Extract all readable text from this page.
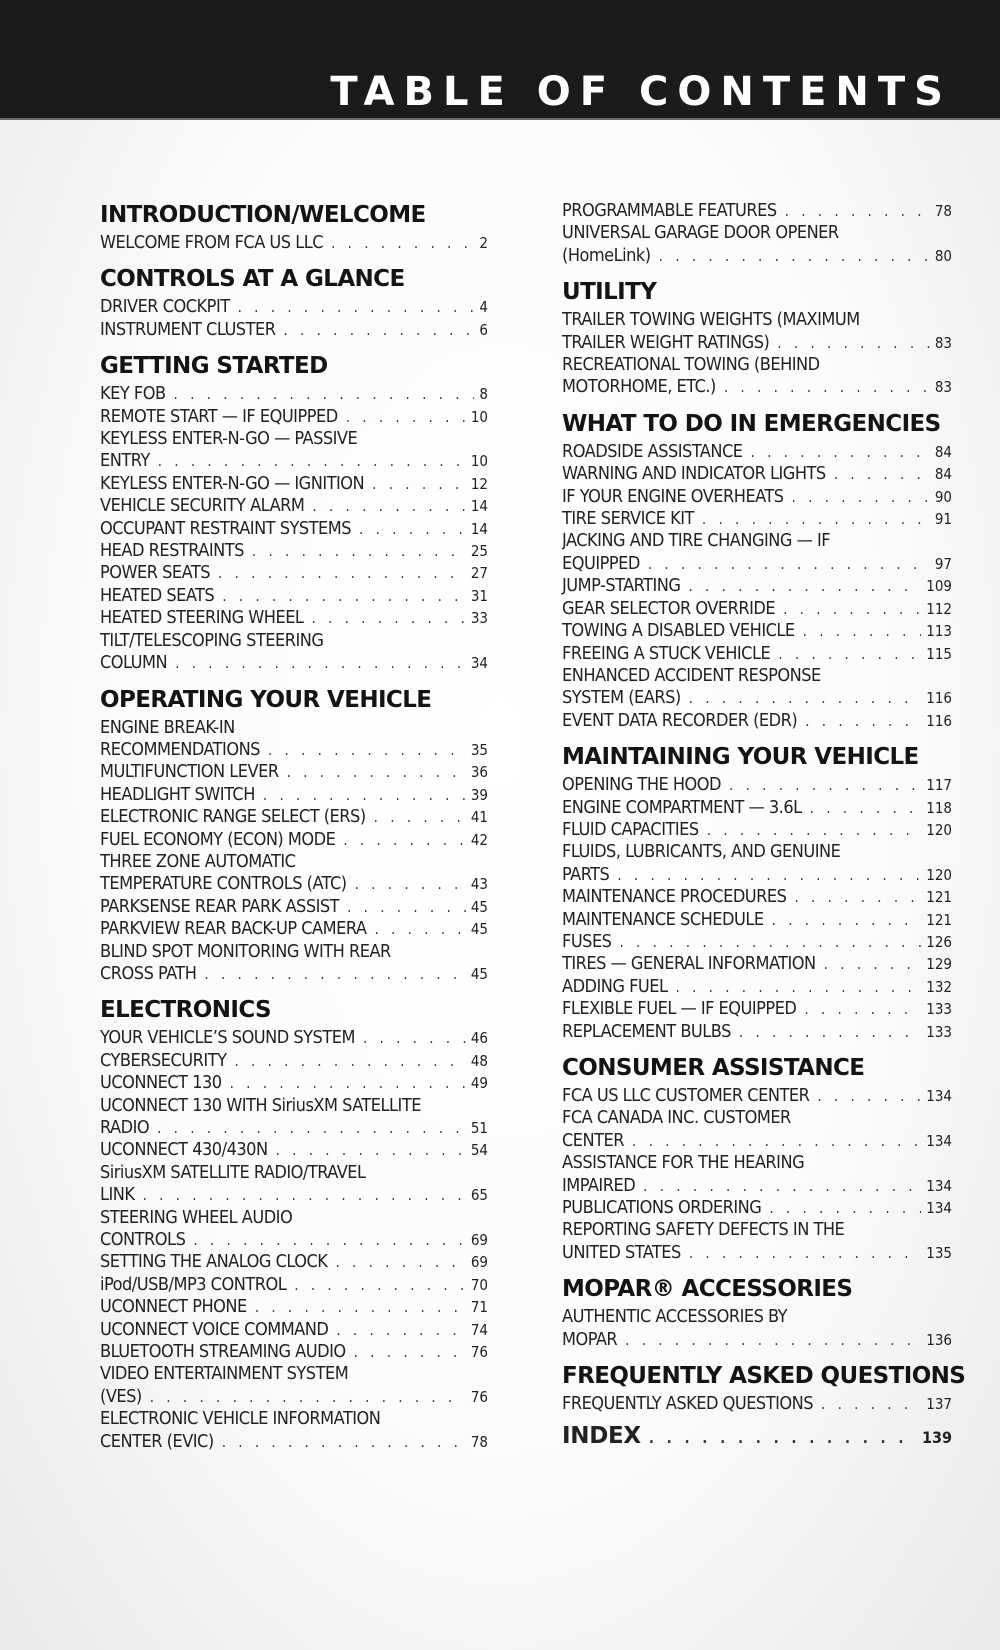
TABLE OF CONTENTS
INTRODUCTION/WELCOME
WELCOME FROM FCA US LLC . . .	2
CONTROLS AT A GLANCE
DRIVER COCKPIT . . .	4
INSTRUMENT CLUSTER . . .	6
GETTING STARTED
KEY FOB . . .	8
REMOTE START — IF EQUIPPED . . .	10
KEYLESS ENTER-N-GO — PASSIVE
ENTRY . . .	10
KEYLESS ENTER-N-GO — IGNITION . . .	12
VEHICLE SECURITY ALARM . . .	14
OCCUPANT RESTRAINT SYSTEMS . . .	14
HEAD RESTRAINTS . . .	25
POWER SEATS . . .	27
HEATED SEATS . . .	31
HEATED STEERING WHEEL . . .	33
TILT/TELESCOPING STEERING
COLUMN . . .	34
OPERATING YOUR VEHICLE
ENGINE BREAK-IN
RECOMMENDATIONS . . .	35
MULTIFUNCTION LEVER . . .	36
HEADLIGHT SWITCH . . .	39
ELECTRONIC RANGE SELECT (ERS) . . .	41
FUEL ECONOMY (ECON) MODE . . .	42
THREE ZONE AUTOMATIC
TEMPERATURE CONTROLS (ATC) . . .	43
PARKSENSE REAR PARK ASSIST . . .	45
PARKVIEW REAR BACK-UP CAMERA . . .	45
BLIND SPOT MONITORING WITH REAR
CROSS PATH . . .	45
ELECTRONICS
YOUR VEHICLE’S SOUND SYSTEM . . .	46
CYBERSECURITY . . .	48
UCONNECT 130 . . .	49
UCONNECT 130 WITH SiriusXM SATELLITE
RADIO . . .	51
UCONNECT 430/430N . . .	54
SiriusXM SATELLITE RADIO/TRAVEL
LINK . . .	65
STEERING WHEEL AUDIO
CONTROLS . . .	69
SETTING THE ANALOG CLOCK . . .	69
iPod/USB/MP3 CONTROL . . .	70
UCONNECT PHONE . . .	71
UCONNECT VOICE COMMAND . . .	74
BLUETOOTH STREAMING AUDIO . . .	76
VIDEO ENTERTAINMENT SYSTEM
(VES) . . .	76
ELECTRONIC VEHICLE INFORMATION
CENTER (EVIC) . . .	78
PROGRAMMABLE FEATURES . . .	78
UNIVERSAL GARAGE DOOR OPENER
(HomeLink) . . .	80
UTILITY
TRAILER TOWING WEIGHTS (MAXIMUM
TRAILER WEIGHT RATINGS) . . .	83
RECREATIONAL TOWING (BEHIND
MOTORHOME, ETC.) . . .	83
WHAT TO DO IN EMERGENCIES
ROADSIDE ASSISTANCE . . .	84
WARNING AND INDICATOR LIGHTS . . .	84
IF YOUR ENGINE OVERHEATS . . .	90
TIRE SERVICE KIT . . .	91
JACKING AND TIRE CHANGING — IF
EQUIPPED . . .	97
JUMP-STARTING . . .	109
GEAR SELECTOR OVERRIDE . . .	112
TOWING A DISABLED VEHICLE . . .	113
FREEING A STUCK VEHICLE . . .	115
ENHANCED ACCIDENT RESPONSE
SYSTEM (EARS) . . .	116
EVENT DATA RECORDER (EDR) . . .	116
MAINTAINING YOUR VEHICLE
OPENING THE HOOD . . .	117
ENGINE COMPARTMENT — 3.6L . . .	118
FLUID CAPACITIES . . .	120
FLUIDS, LUBRICANTS, AND GENUINE
PARTS . . .	120
MAINTENANCE PROCEDURES . . .	121
MAINTENANCE SCHEDULE . . .	121
FUSES . . .	126
TIRES — GENERAL INFORMATION . . .	129
ADDING FUEL . . .	132
FLEXIBLE FUEL — IF EQUIPPED . . .	133
REPLACEMENT BULBS . . .	133
CONSUMER ASSISTANCE
FCA US LLC CUSTOMER CENTER . . .	134
FCA CANADA INC. CUSTOMER
CENTER . . .	134
ASSISTANCE FOR THE HEARING
IMPAIRED . . .	134
PUBLICATIONS ORDERING . . .	134
REPORTING SAFETY DEFECTS IN THE
UNITED STATES . . .	135
MOPAR® ACCESSORIES
AUTHENTIC ACCESSORIES BY
MOPAR . . .	136
FREQUENTLY ASKED QUESTIONS
FREQUENTLY ASKED QUESTIONS . . .	137
INDEX . . .	139
